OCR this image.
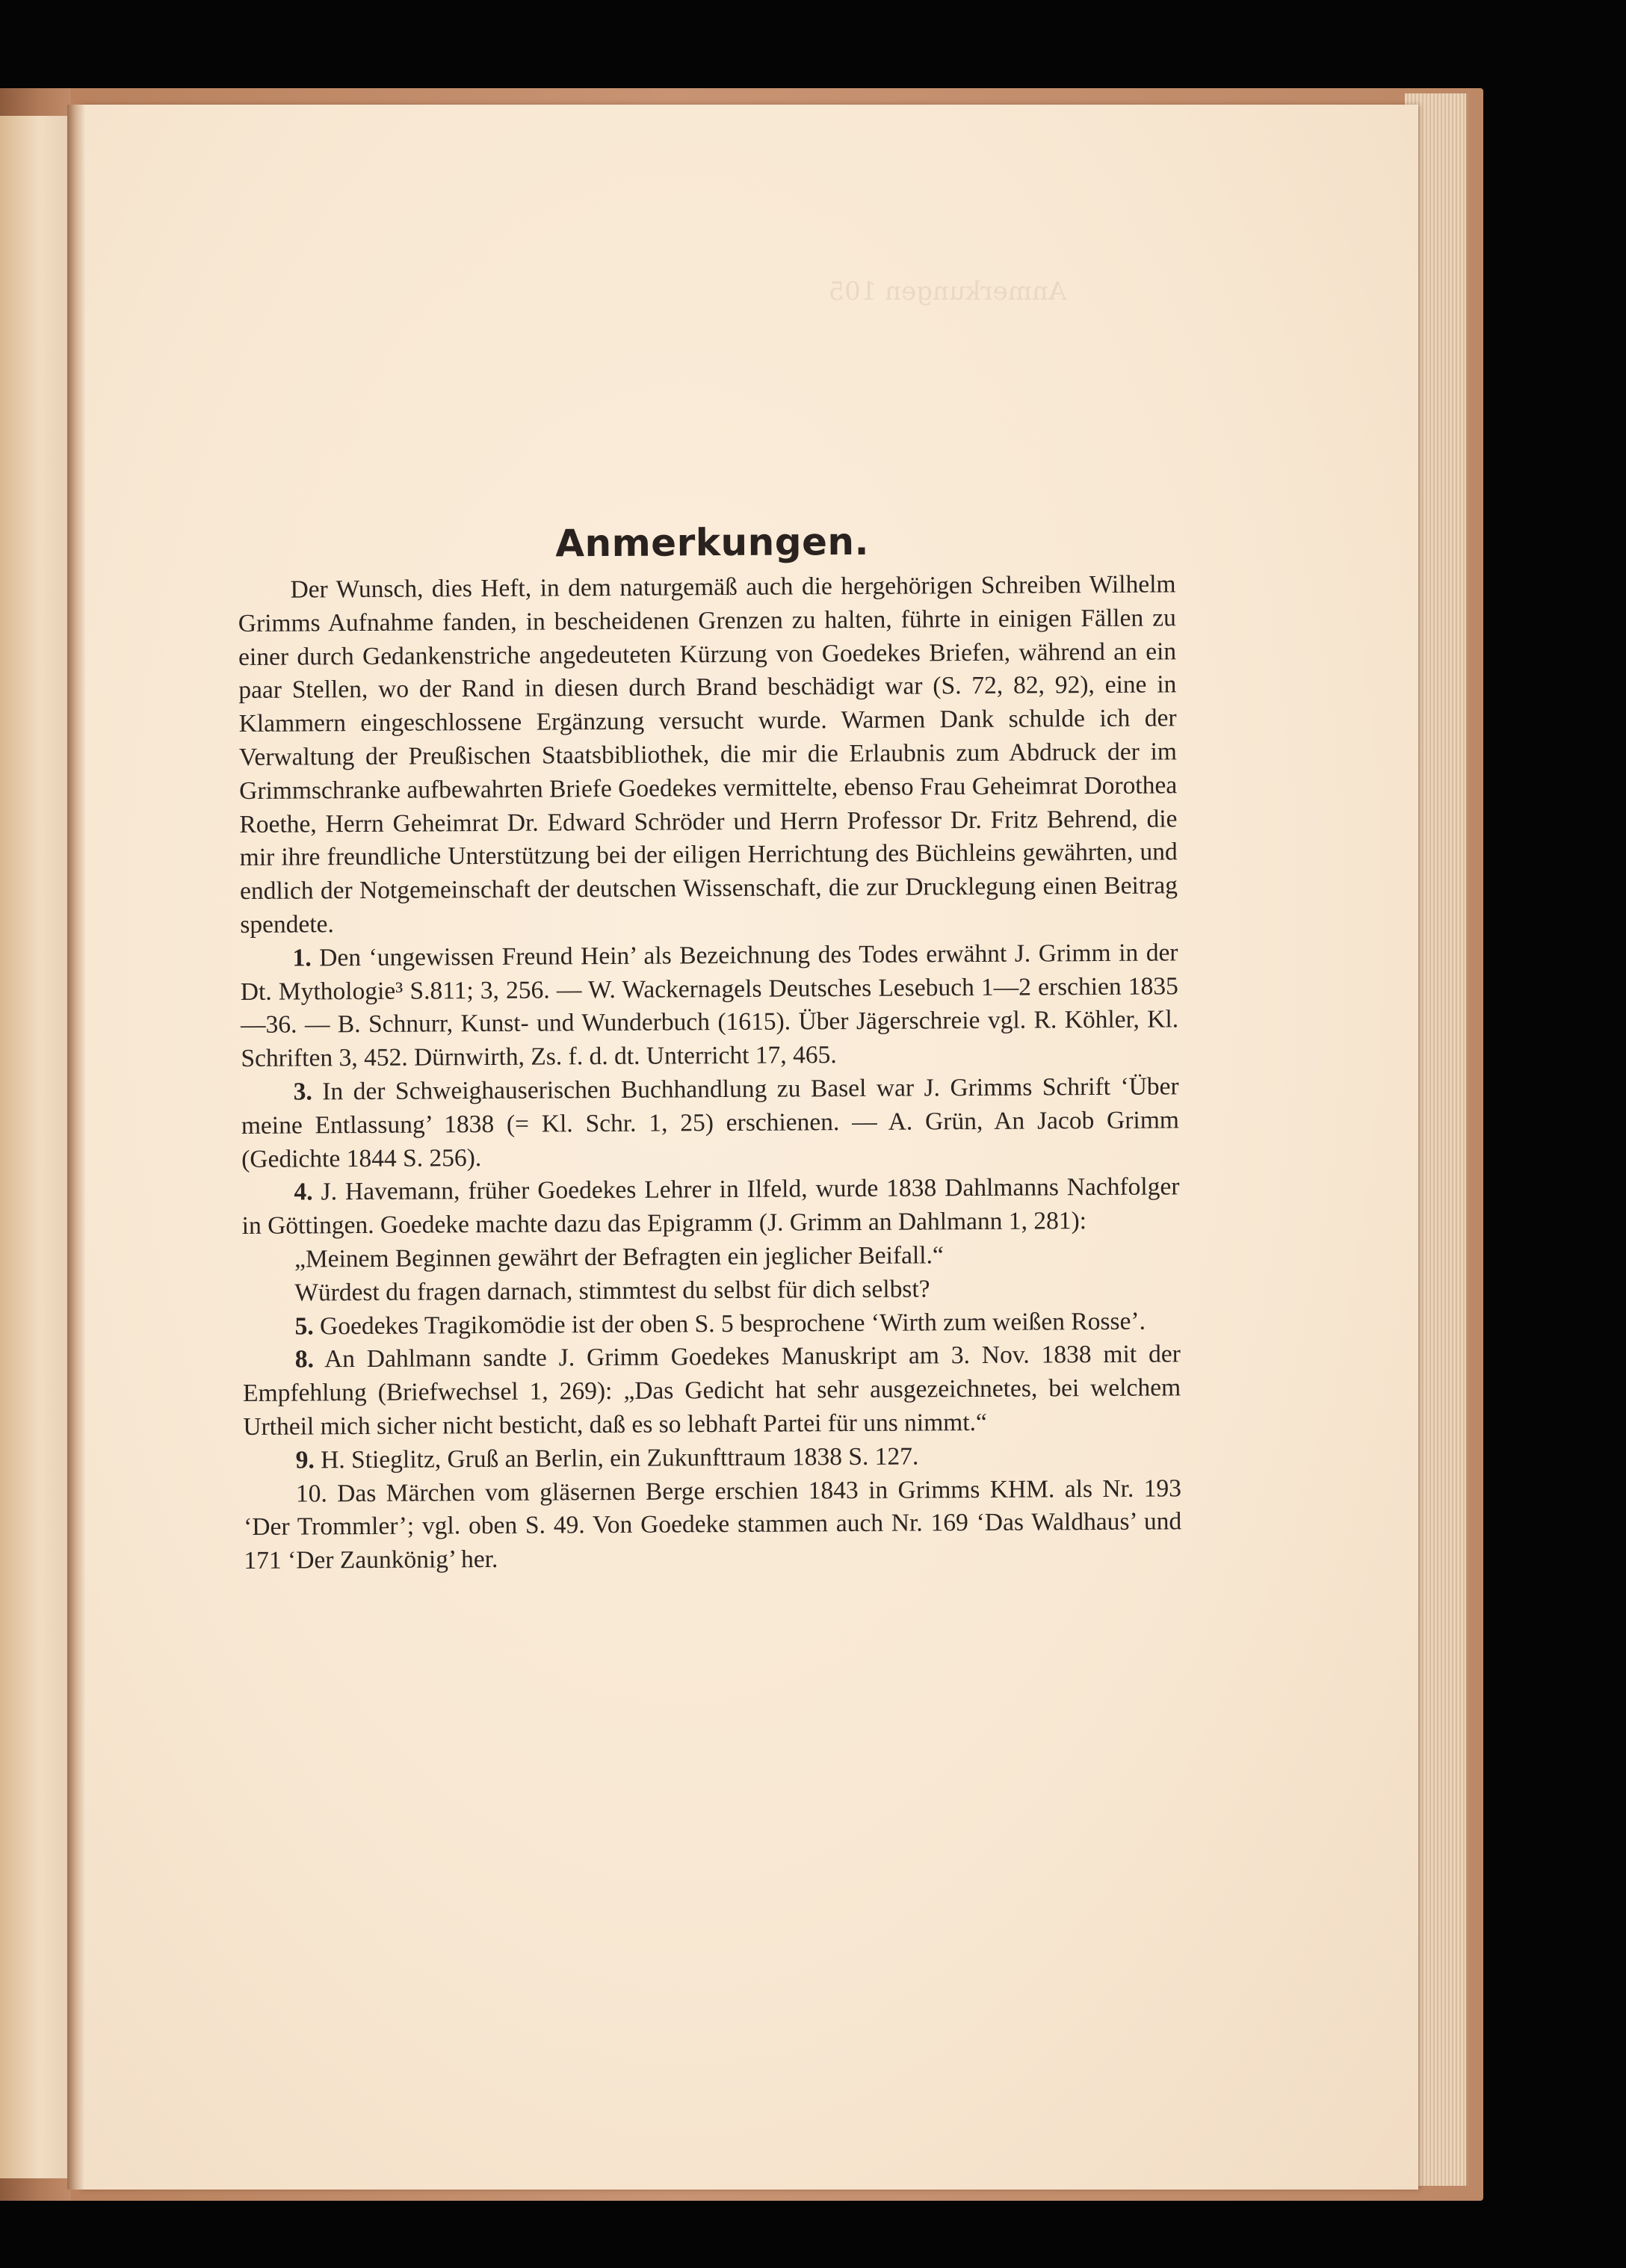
Anmerkungen 105
Anmerkungen.

Der Wunsch, dies Heft, in dem naturgemäß auch die hergehörigen Schreiben Wilhelm Grimms Aufnahme fanden, in bescheidenen Grenzen zu halten, führte in einigen Fällen zu einer durch Gedankenstriche angedeuteten Kürzung von Goedekes Briefen, während an ein paar Stellen, wo der Rand in diesen durch Brand beschädigt war (S. 72, 82, 92), eine in Klammern eingeschlossene Ergänzung versucht wurde. Warmen Dank schulde ich der Verwaltung der Preußischen Staatsbibliothek, die mir die Erlaubnis zum Abdruck der im Grimmschranke aufbewahrten Briefe Goedekes vermittelte, ebenso Frau Geheimrat Dorothea Roethe, Herrn Geheimrat Dr. Edward Schröder und Herrn Professor Dr. Fritz Behrend, die mir ihre freundliche Unterstützung bei der eiligen Herrichtung des Büchleins gewährten, und endlich der Notgemeinschaft der deutschen Wissenschaft, die zur Drucklegung einen Beitrag spendete.

1. Den ‘ungewissen Freund Hein’ als Bezeichnung des Todes erwähnt J. Grimm in der Dt. Mythologie³ S.811; 3, 256. — W. Wackernagels Deutsches Lesebuch 1—2 erschien 1835—36. — B. Schnurr, Kunst- und Wunderbuch (1615). Über Jägerschreie vgl. R. Köhler, Kl. Schriften 3, 452. Dürnwirth, Zs. f. d. dt. Unterricht 17, 465.

3. In der Schweighauserischen Buchhandlung zu Basel war J. Grimms Schrift ‘Über meine Entlassung’ 1838 (= Kl. Schr. 1, 25) erschienen. — A. Grün, An Jacob Grimm (Gedichte 1844 S. 256).

4. J. Havemann, früher Goedekes Lehrer in Ilfeld, wurde 1838 Dahlmanns Nachfolger in Göttingen. Goedeke machte dazu das Epigramm (J. Grimm an Dahlmann 1, 281):

„Meinem Beginnen gewährt der Befragten ein jeglicher Beifall.“

Würdest du fragen darnach, stimmtest du selbst für dich selbst?

5. Goedekes Tragikomödie ist der oben S. 5 besprochene ‘Wirth zum weißen Rosse’.

8. An Dahlmann sandte J. Grimm Goedekes Manuskript am 3. Nov. 1838 mit der Empfehlung (Briefwechsel 1, 269): „Das Gedicht hat sehr ausgezeichnetes, bei welchem Urtheil mich sicher nicht besticht, daß es so lebhaft Partei für uns nimmt.“

9. H. Stieglitz, Gruß an Berlin, ein Zukunfttraum 1838 S. 127.

10. Das Märchen vom gläsernen Berge erschien 1843 in Grimms KHM. als Nr. 193 ‘Der Trommler’; vgl. oben S. 49. Von Goedeke stammen auch Nr. 169 ‘Das Waldhaus’ und 171 ‘Der Zaunkönig’ her.
